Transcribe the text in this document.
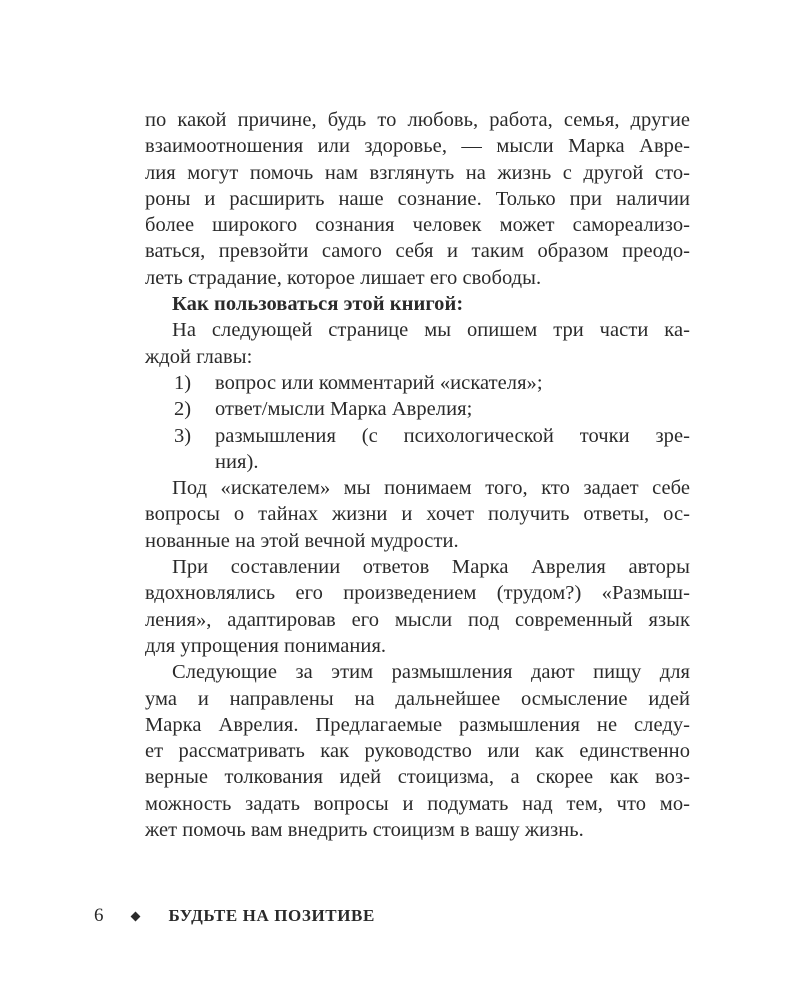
по какой причине, будь то любовь, работа, семья, другие
взаимоотношения или здоровье, — мысли Марка Авре-
лия могут помочь нам взглянуть на жизнь с другой сто-
роны и расширить наше сознание. Только при наличии
более широкого сознания человек может самореализо-
ваться, превзойти самого себя и таким образом преодо-
леть страдание, которое лишает его свободы.
Как пользоваться этой книгой:
На следующей странице мы опишем три части ка-
ждой главы:
1)	вопрос или комментарий «искателя»;
2)	ответ/мысли Марка Аврелия;
3)	размышления (с психологической точки зре-
ния).
Под «искателем» мы понимаем того, кто задает себе
вопросы о тайнах жизни и хочет получить ответы, ос-
нованные на этой вечной мудрости.
При составлении ответов Марка Аврелия авторы
вдохновлялись его произведением (трудом?) «Размыш-
ления», адаптировав его мысли под современный язык
для упрощения понимания.
Следующие за этим размышления дают пищу для
ума и направлены на дальнейшее осмысление идей
Марка Аврелия. Предлагаемые размышления не следу-
ет рассматривать как руководство или как единственно
верные толкования идей стоицизма, а скорее как воз-
можность задать вопросы и подумать над тем, что мо-
жет помочь вам внедрить стоицизм в вашу жизнь.
6	БУДЬТЕ НА ПОЗИТИВЕ
